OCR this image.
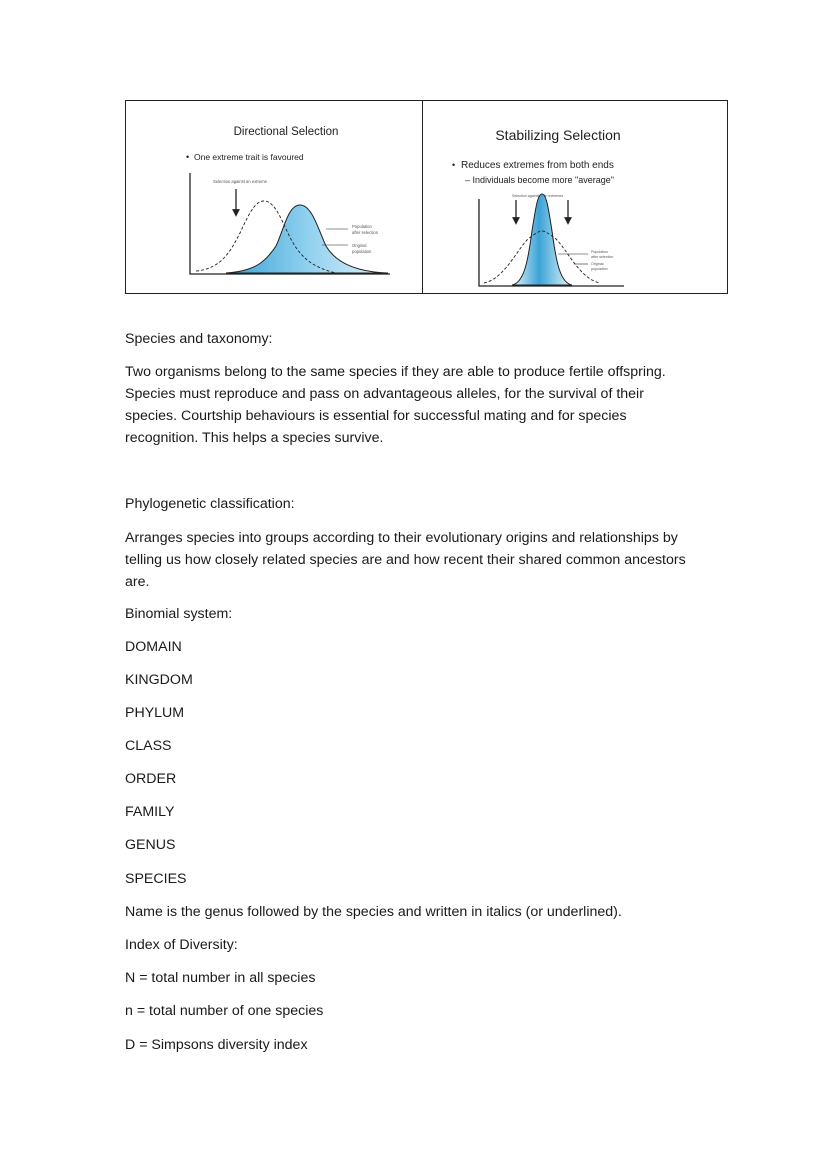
Directional Selection
• One extreme trait is favoured
Selection against an extreme
Population
after selection
Original
population
Stabilizing Selection
• Reduces extremes from both ends
– Individuals become more "average"
Selection against both extremes
Population
after selection
Original
population
Species and taxonomy:
Two organisms belong to the same species if they are able to produce fertile offspring.
Species must reproduce and pass on advantageous alleles, for the survival of their
species. Courtship behaviours is essential for successful mating and for species
recognition. This helps a species survive.
Phylogenetic classification:
Arranges species into groups according to their evolutionary origins and relationships by
telling us how closely related species are and how recent their shared common ancestors
are.
Binomial system:
DOMAIN
KINGDOM
PHYLUM
CLASS
ORDER
FAMILY
GENUS
SPECIES
Name is the genus followed by the species and written in italics (or underlined).
Index of Diversity:
N = total number in all species
n = total number of one species
D = Simpsons diversity index
